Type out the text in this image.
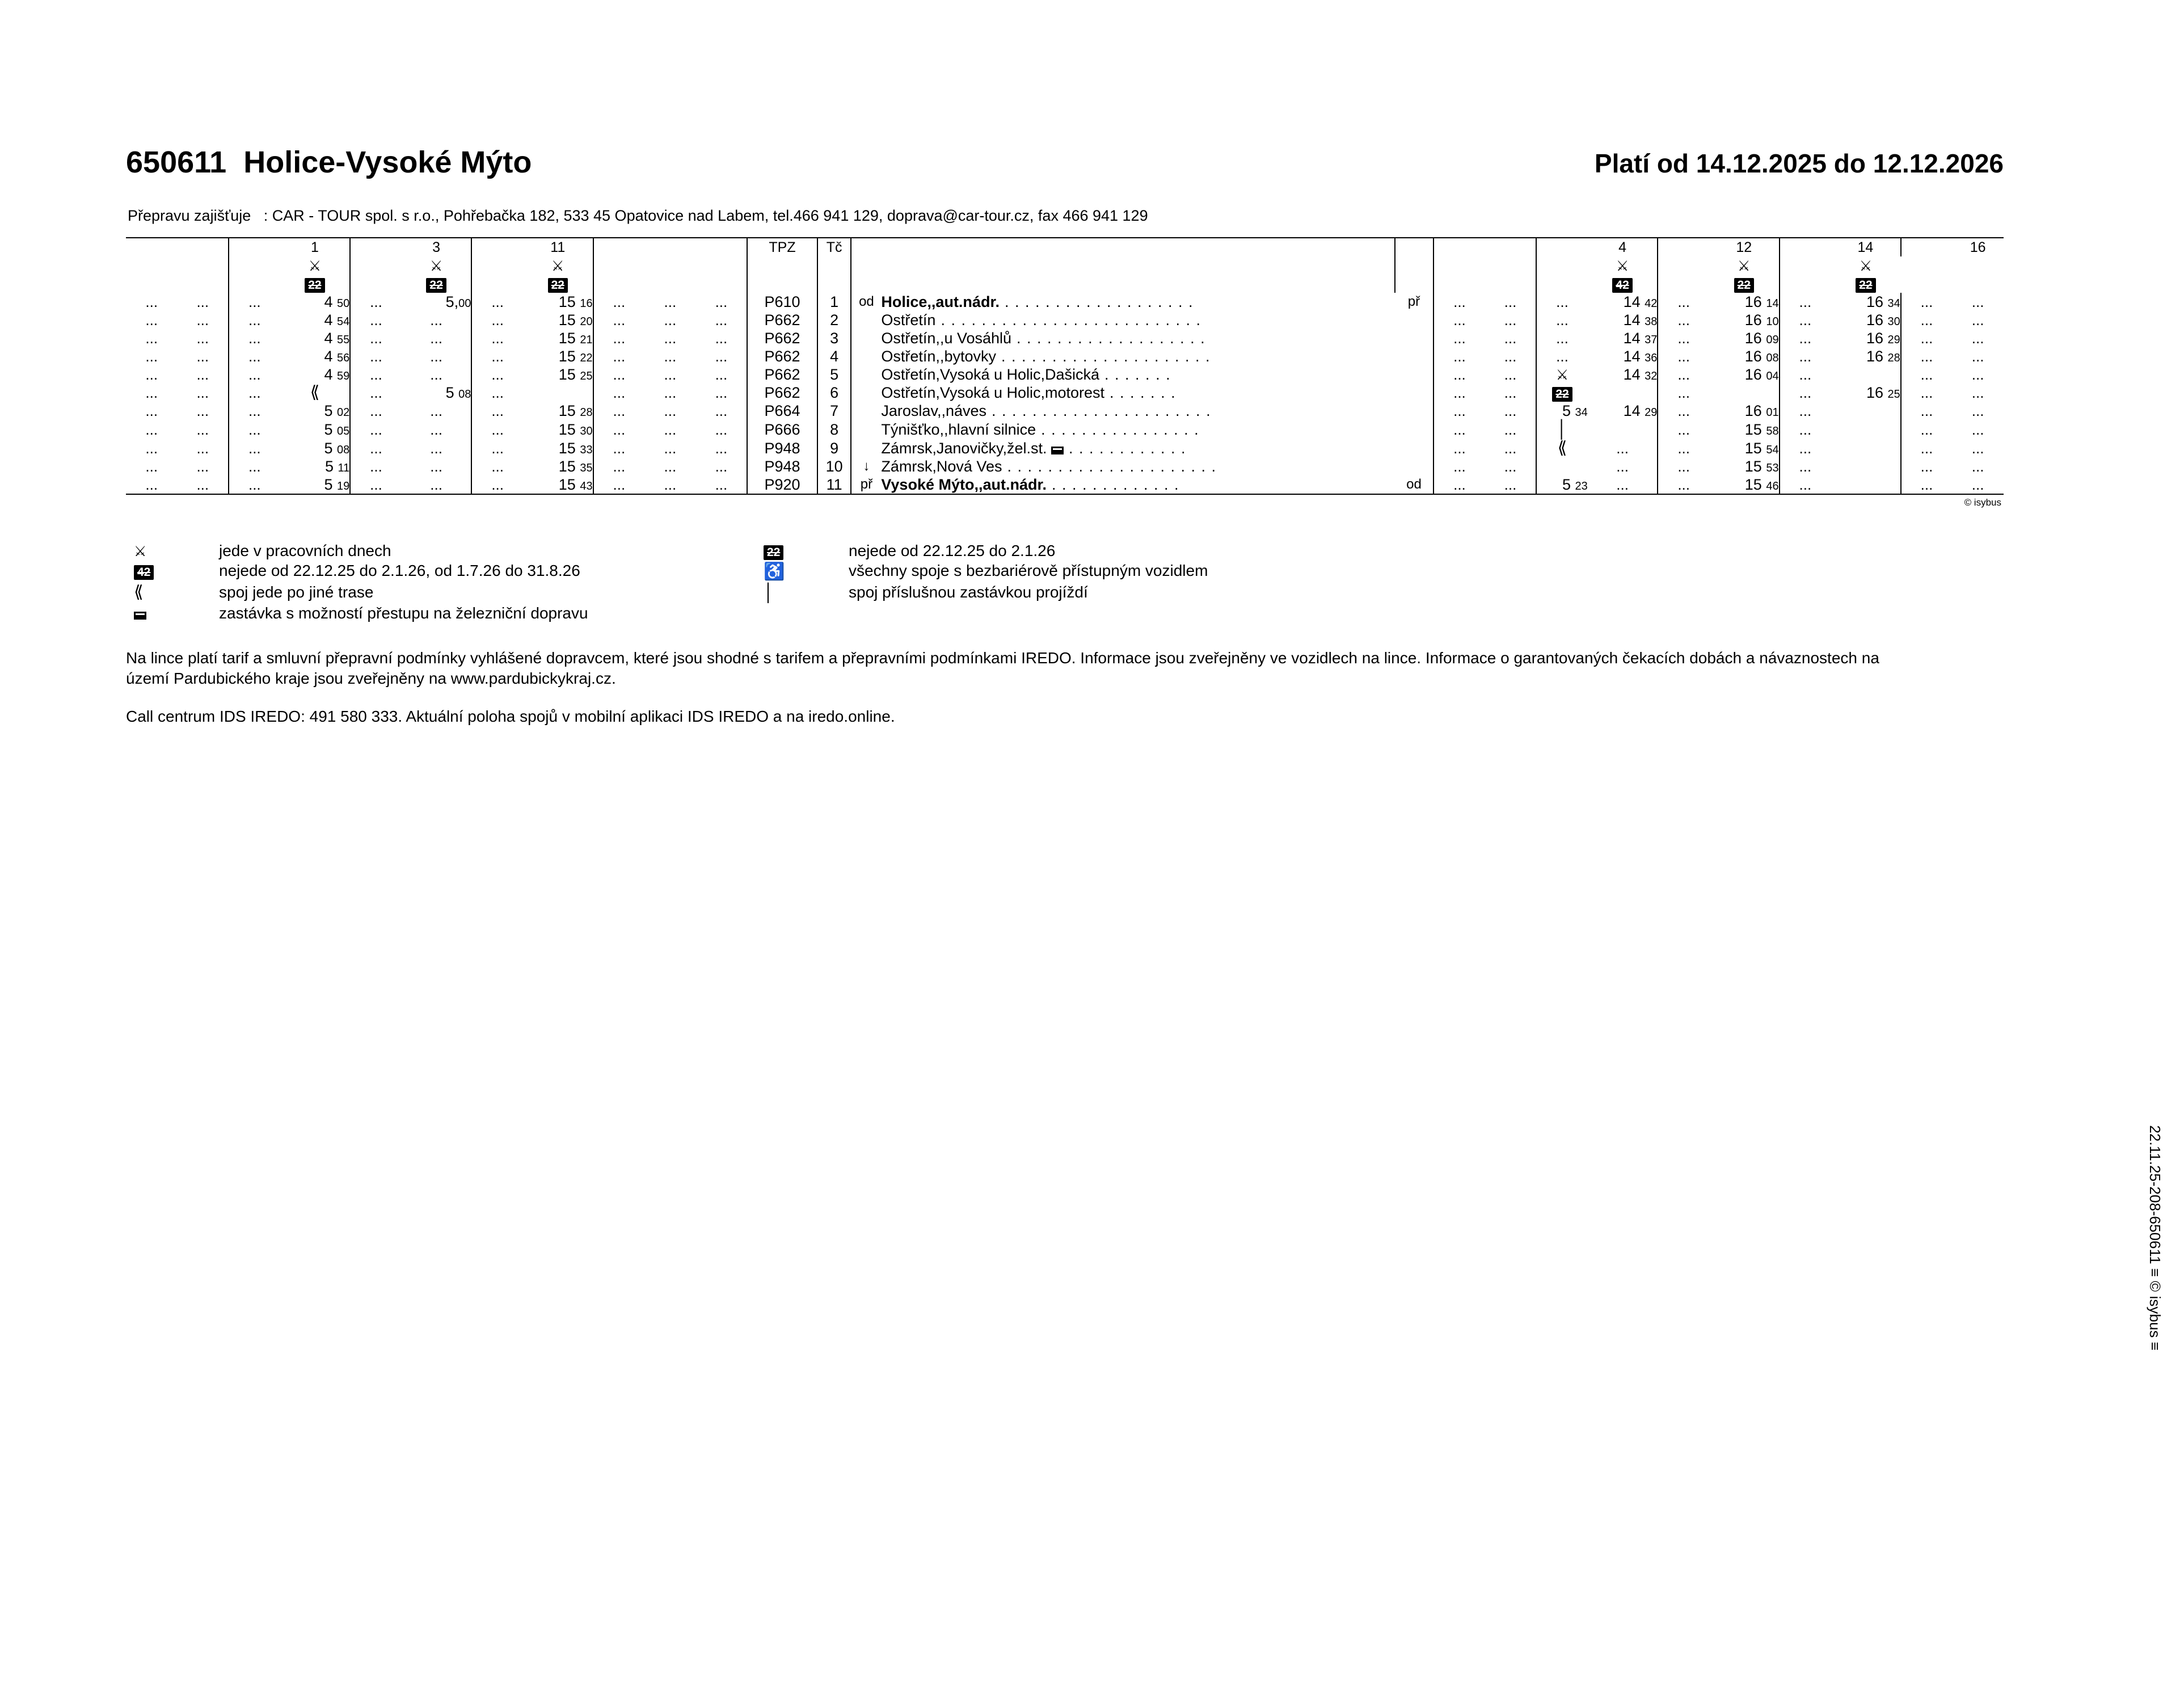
650611 Holice-Vysoké Mýto	Platí od 14.12.2025 do 12.12.2026
Přepravu zajišťuje : CAR - TOUR spol. s r.o., Pohřebačka 182, 533 45 Opatovice nad Labem, tel.466 941 129, doprava@car-tour.cz, fax 466 941 129
			1		3		11				TPZ	Tč							4		12		14		16
			⚔		⚔		⚔												⚔		⚔		⚔		
			22		22		22												42		22		22		
...	...	...	4 50	...	5,00	...	15 16	...	...	...	P610	1	od	Holice,,aut.nádr. . . . . . . . . . . . . . . . . . . .	př	...	...	...	14 42	...	16 14	...	16 34	...	...
...	...	...	4 54	...	...	...	15 20	...	...	...	P662	2		Ostřetín . . . . . . . . . . . . . . . . . . . . . . . . . .		...	...	...	14 38	...	16 10	...	16 30	...	...
...	...	...	4 55	...	...	...	15 21	...	...	...	P662	3		Ostřetín,,u Vosáhlů . . . . . . . . . . . . . . . . . . .		...	...	...	14 37	...	16 09	...	16 29	...	...
...	...	...	4 56	...	...	...	15 22	...	...	...	P662	4		Ostřetín,,bytovky . . . . . . . . . . . . . . . . . . . . .		...	...	...	14 36	...	16 08	...	16 28	...	...
...	...	...	4 59	...	...	...	15 25	...	...	...	P662	5		Ostřetín,Vysoká u Holic,Dašická . . . . . . .		...	...	⚔	14 32	...	16 04	...		...	...
...	...	...	⟪	...	5 08	...		...	...	...	P662	6		Ostřetín,Vysoká u Holic,motorest . . . . . . .		...	...	22		...		...	16 25	...	...
...	...	...	5 02	...	...	...	15 28	...	...	...	P664	7		Jaroslav,,náves . . . . . . . . . . . . . . . . . . . . . .		...	...	5 34	14 29	...	16 01	...		...	...
...	...	...	5 05	...	...	...	15 30	...	...	...	P666	8		Týnišťko,,hlavní silnice . . . . . . . . . . . . . . . .		...	...	│		...	15 58	...		...	...
...	...	...	5 08	...	...	...	15 33	...	...	...	P948	9		Zámrsk,Janovičky,žel.st.  . . . . . . . . . . . .		...	...	⟪	...	...	15 54	...		...	...
...	...	...	5 11	...	...	...	15 35	...	...	...	P948	10	↓	Zámrsk,Nová Ves . . . . . . . . . . . . . . . . . . . . .		...	...		...	...	15 53	...		...	...
...	...	...	5 19	...	...	...	15 43	...	...	...	P920	11	př	Vysoké Mýto,,aut.nádr. . . . . . . . . . . . . .	od	...	...	5 23	...	...	15 46	...		...	...
© isybus
⚔	jede v pracovních dnech	22	nejede od 22.12.25 do 2.1.26
42	nejede od 22.12.25 do 2.1.26, od 1.7.26 do 31.8.26	♿	všechny spoje s bezbariérově přístupným vozidlem
⟪	spoj jede po jiné trase	│	spoj příslušnou zastávkou projíždí
zastávka s možností přestupu na železniční dopravu
Na lince platí tarif a smluvní přepravní podmínky vyhlášené dopravcem, které jsou shodné s tarifem a přepravními podmínkami IREDO. Informace jsou zveřejněny ve vozidlech na lince. Informace o garantovaných čekacích dobách a návaznostech na území Pardubického kraje jsou zveřejněny na www.pardubickykraj.cz.
Call centrum IDS IREDO: 491 580 333. Aktuální poloha spojů v mobilní aplikaci IDS IREDO a na iredo.online.
22.11.25-208-650611 ≡ © isybus ≡
